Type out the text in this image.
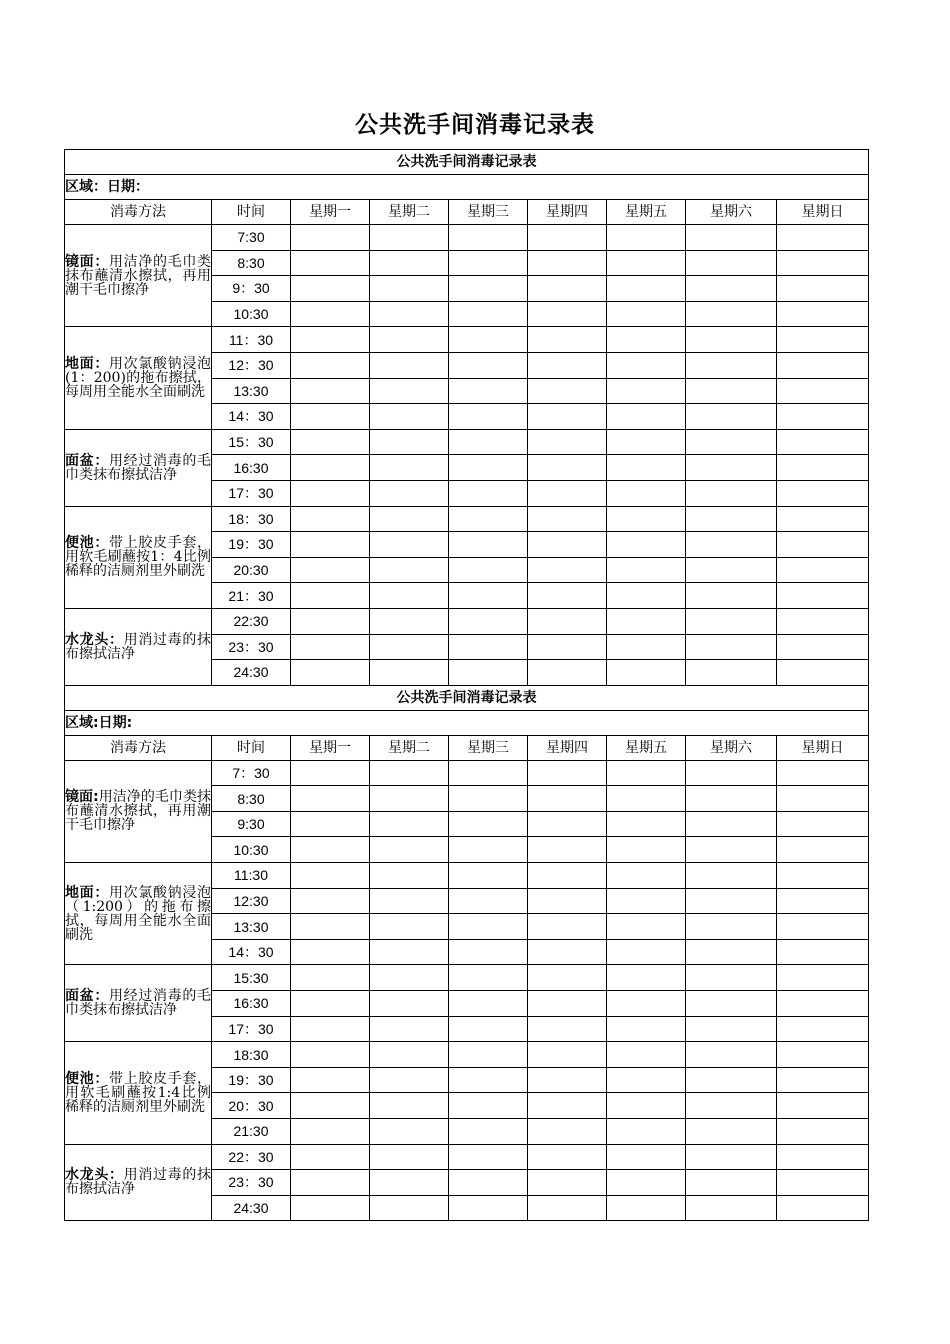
公共洗手间消毒记录表
公共洗手间消毒记录表								
区域：日期：								
消毒方法	时间	星期一	星期二	星期三	星期四	星期五	星期六	星期日
镜面：用洁净的毛巾类抹布蘸清水擦拭，再用潮干毛巾擦净	7:30							
	8:30							
	9：30							
	10:30							
地面：用次氯酸钠浸泡(1：200)的拖布擦拭，每周用全能水全面刷洗	11：30							
	12：30							
	13:30							
	14：30							
面盆：用经过消毒的毛巾类抹布擦拭洁净	15：30							
	16:30							
	17：30							
便池：带上胶皮手套，用软毛刷蘸按1：4比例稀释的洁厕剂里外刷洗	18：30							
	19：30							
	20:30							
	21：30							
水龙头：用消过毒的抹布擦拭洁净	22:30							
	23：30							
	24:30							
公共洗手间消毒记录表								
区域:日期:								
消毒方法	时间	星期一	星期二	星期三	星期四	星期五	星期六	星期日
镜面:用洁净的毛巾类抹布蘸清水擦拭，再用潮干毛巾擦净	7：30							
	8:30							
	9:30							
	10:30							
地面：用次氯酸钠浸泡（1:200）的拖布擦拭，每周用全能水全面刷洗	11:30							
	12:30							
	13:30							
	14：30							
面盆：用经过消毒的毛巾类抹布擦拭洁净	15:30							
	16:30							
	17：30							
便池：带上胶皮手套，用软毛刷蘸按1:4比例稀释的洁厕剂里外刷洗	18:30							
	19：30							
	20：30							
	21:30							
水龙头：用消过毒的抹布擦拭洁净	22：30							
	23：30							
	24:30							
